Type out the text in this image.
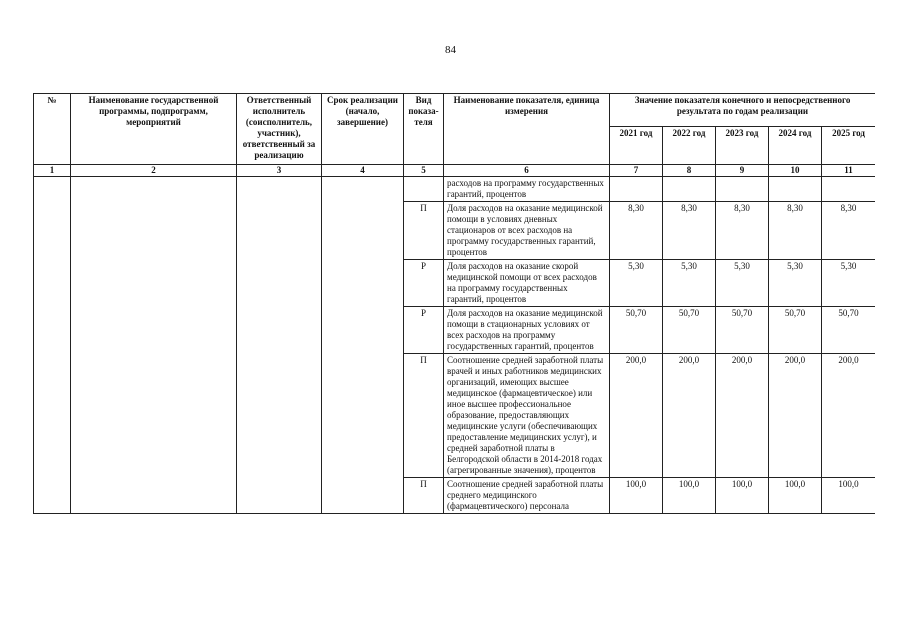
84
№	Наименование государственной программы, подпрограмм, мероприятий	Ответственный исполнитель (соисполнитель, участник), ответственный за реализацию	Срок реализации (начало, завершение)	Вид показа-теля	Наименование показателя, единица измерения	Значение показателя конечного и непосредственного результата по годам реализации				
						2021 год	2022 год	2023 год	2024 год	2025 год
1	2	3	4	5	6	7	8	9	10	11
					расходов на программу государственных гарантий, процентов					
				П	Доля расходов на оказание медицинской помощи в условиях дневных стационаров от всех расходов на программу государственных гарантий, процентов	8,30	8,30	8,30	8,30	8,30
				Р	Доля расходов на оказание скорой медицинской помощи от всех расходов на программу государственных гарантий, процентов	5,30	5,30	5,30	5,30	5,30
				Р	Доля расходов на оказание медицинской помощи в стационарных условиях от всех расходов на программу государственных гарантий, процентов	50,70	50,70	50,70	50,70	50,70
				П	Соотношение средней заработной платы врачей и иных работников медицинских организаций, имеющих высшее медицинское (фармацевтическое) или иное высшее профессиональное образование, предоставляющих медицинские услуги (обеспечивающих предоставление медицинских услуг), и средней заработной платы в Белгородской области в 2014-2018 годах (агрегированные значения), процентов	200,0	200,0	200,0	200,0	200,0
				П	Соотношение средней заработной платы среднего медицинского (фармацевтического) персонала	100,0	100,0	100,0	100,0	100,0
